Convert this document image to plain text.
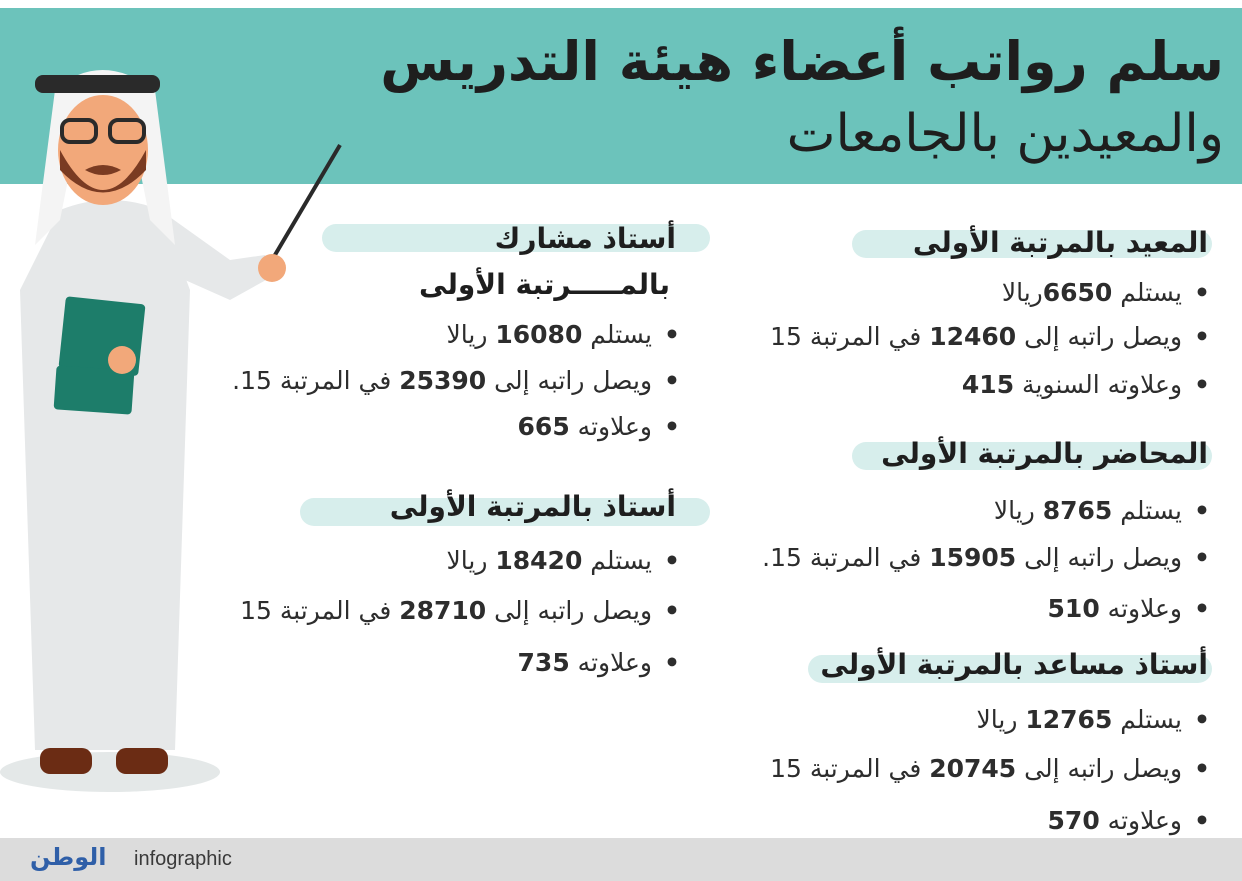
سلم رواتب أعضاء هيئة التدريس
والمعيدين بالجامعات
المعيد بالمرتبة الأولى
•يستلم 6650ريالا
•ويصل راتبه إلى 12460 في المرتبة 15
•وعلاوته السنوية 415
المحاضر بالمرتبة الأولى
•يستلم 8765 ريالا
•ويصل راتبه إلى 15905 في المرتبة 15.
•وعلاوته 510
أستاذ مساعد بالمرتبة الأولى
•يستلم 12765 ريالا
•ويصل راتبه إلى 20745 في المرتبة 15
•وعلاوته 570
أستاذ مشارك
بالمـــــرتبة الأولى
•يستلم 16080 ريالا
•ويصل راتبه إلى 25390 في المرتبة 15.
•وعلاوته 665
أستاذ بالمرتبة الأولى
•يستلم 18420 ريالا
•ويصل راتبه إلى 28710 في المرتبة 15
•وعلاوته 735
الوطن infographic
